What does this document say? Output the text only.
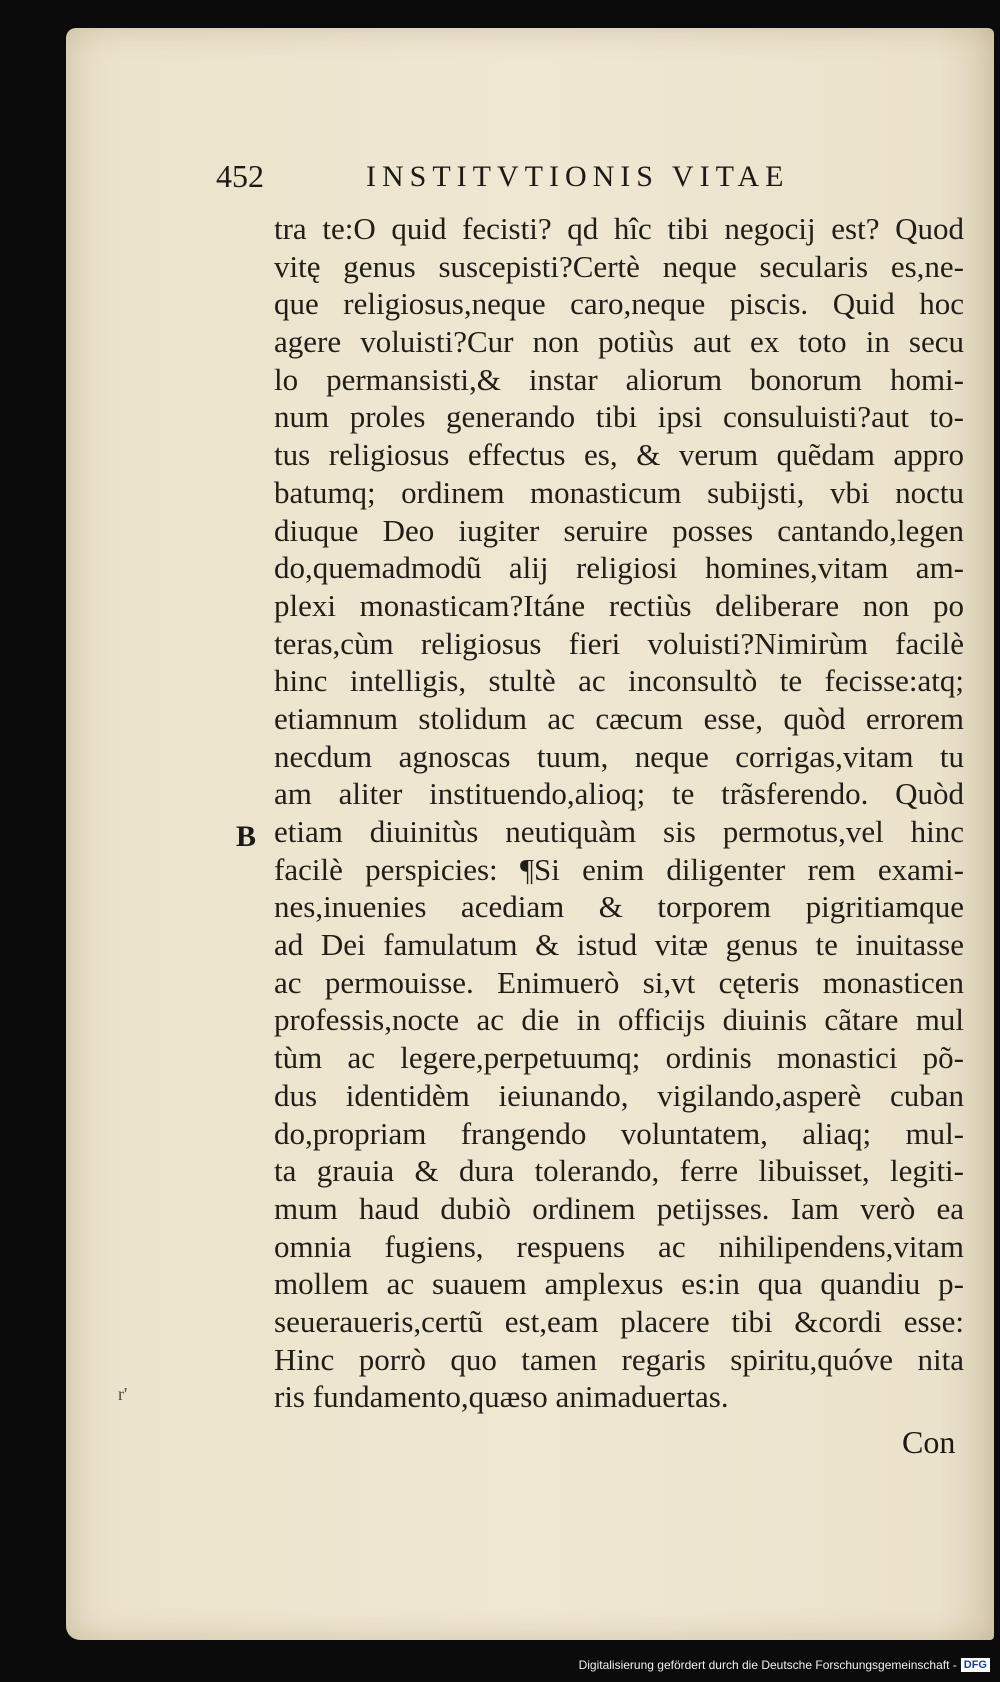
452	INSTITVTIONIS VITAE
tra te:O quid fecisti? qd hîc tibi negocij est? Quod
vitę genus suscepisti?Certè neque secularis es,ne-
que religiosus,neque caro,neque piscis. Quid hoc
agere voluisti?Cur non potiùs aut ex toto in secu
lo permansisti,& instar aliorum bonorum homi-
num proles generando tibi ipsi consuluisti?aut to-
tus religiosus effectus es, & verum quẽdam appro
batumq; ordinem monasticum subijsti, vbi noctu
diuque Deo iugiter seruire posses cantando,legen
do,quemadmodũ alij religiosi homines,vitam am-
plexi monasticam?Itáne rectiùs deliberare non po
teras,cùm religiosus fieri voluisti?Nimirùm facilè
hinc intelligis, stultè ac inconsultò te fecisse:atq;
etiamnum stolidum ac cæcum esse, quòd errorem
necdum agnoscas tuum, neque corrigas,vitam tu
am aliter instituendo,alioq; te trãsferendo. Quòd
etiam diuinitùs neutiquàm sis permotus,vel hinc
facilè perspicies: ¶Si enim diligenter rem exami-
nes,inuenies acediam & torporem pigritiamque
ad Dei famulatum & istud vitæ genus te inuitasse
ac permouisse. Enimuerò si,vt cęteris monasticen
professis,nocte ac die in officijs diuinis cãtare mul
tùm ac legere,perpetuumq; ordinis monastici põ-
dus identidèm ieiunando, vigilando,asperè cuban
do,propriam frangendo voluntatem, aliaq; mul-
ta grauia & dura tolerando, ferre libuisset, legiti-
mum haud dubiò ordinem petijsses. Iam verò ea
omnia fugiens, respuens ac nihilipendens,vitam
mollem ac suauem amplexus es:in qua quandiu p-
seueraueris,certũ est,eam placere tibi &cordi esse:
Hinc porrò quo tamen regaris spiritu,quóve nita
ris fundamento,quæso animaduertas.
B
r'
Con
Digitalisierung gefördert durch die Deutsche Forschungsgemeinschaft - DFG
